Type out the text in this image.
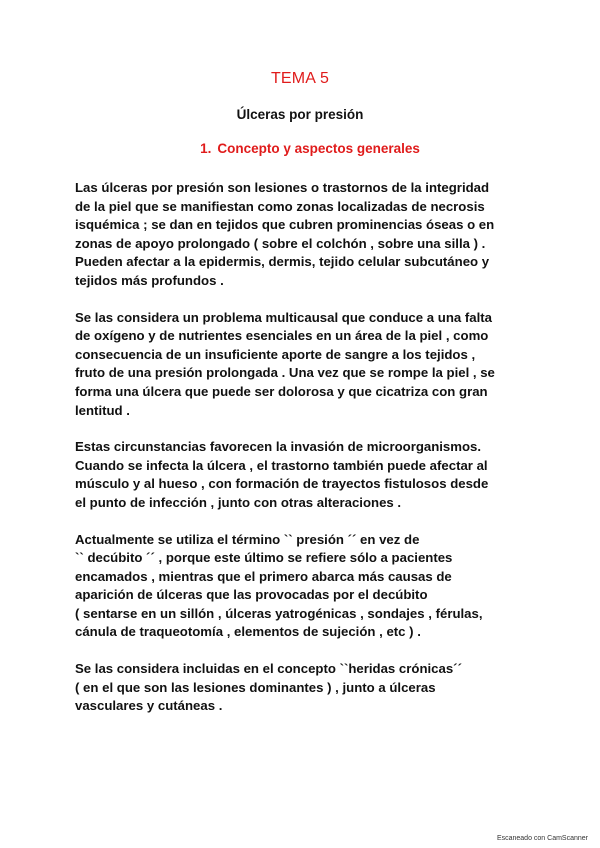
TEMA 5
Úlceras por presión
1. Concepto y aspectos generales
Las úlceras por presión son lesiones o trastornos de la integridad
de la piel que se manifiestan como zonas localizadas de necrosis
isquémica ; se dan en tejidos que cubren prominencias óseas o en
zonas de apoyo prolongado ( sobre el colchón , sobre una silla ) .
Pueden afectar a la epidermis, dermis, tejido celular subcutáneo y
tejidos más profundos .
Se las considera un problema multicausal que conduce a una falta
de oxígeno y de nutrientes esenciales en un área de la piel , como
consecuencia de un insuficiente aporte de sangre a los tejidos ,
fruto de una presión prolongada . Una vez que se rompe la piel , se
forma una úlcera que puede ser dolorosa y que cicatriza con gran
lentitud .
Estas circunstancias favorecen la invasión de microorganismos.
Cuando se infecta la úlcera , el trastorno también puede afectar al
músculo y al hueso , con formación de trayectos fistulosos desde
el punto de infección , junto con otras alteraciones .
Actualmente se utiliza el término `` presión ´´ en vez de
`` decúbito ´´ , porque este último se refiere sólo a pacientes
encamados , mientras que el primero abarca más causas de
aparición de úlceras que las provocadas por el decúbito
( sentarse en un sillón , úlceras yatrogénicas , sondajes , férulas,
cánula de traqueotomía , elementos de sujeción , etc ) .
Se las considera incluidas en el concepto ``heridas crónicas´´
( en el que son las lesiones dominantes ) , junto a úlceras
vasculares y cutáneas .
Escaneado con CamScanner
